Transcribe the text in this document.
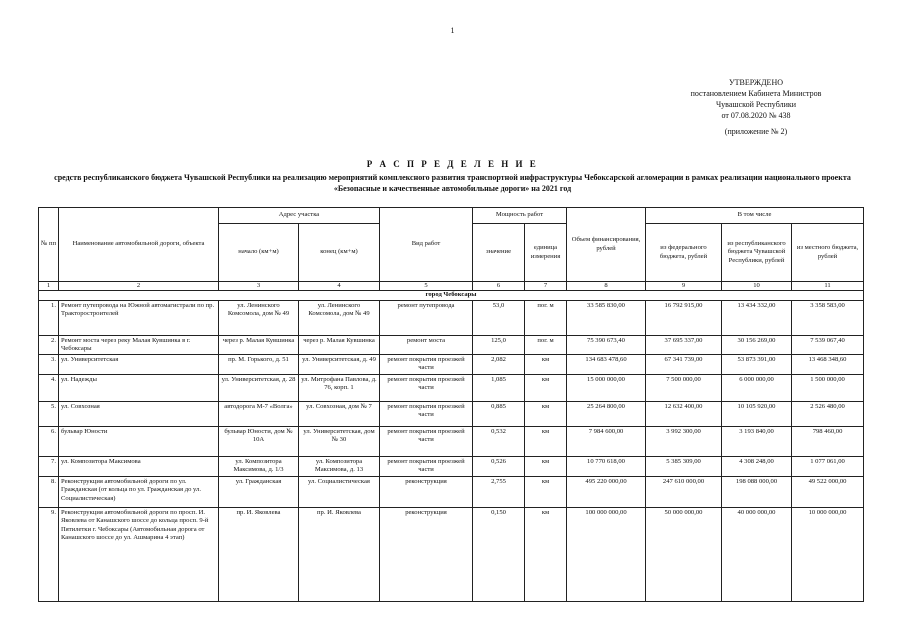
1
УТВЕРЖДЕНО
постановлением Кабинета Министров
Чувашской Республики
от 07.08.2020 № 438
(приложение № 2)
Р А С П Р Е Д Е Л Е Н И Е
средств республиканского бюджета Чувашской Республики на реализацию мероприятий комплексного развития транспортной инфраструктуры Чебоксарской агломерации в рамках реализации национального проекта «Безопасные и качественные автомобильные дороги» на 2021 год
№ пп	Наименование автомобильной дороги, объекта	Адрес участка		Вид работ	Мощность работ		Объем финансирования, рублей	В том числе		
		начало (км+м)	конец (км+м)		значение	единица измерения		из федерального бюджета, рублей	из республиканского бюджета Чувашской Республики, рублей	из местного бюджета, рублей
1	2	3	4	5	6	7	8	9	10	11
город Чебоксары										
1.	Ремонт путепровода на Южной автомагистрали по пр. Тракторостроителей	ул. Ленинского Комсомола, дом № 49	ул. Ленинского Комсомола, дом № 49	ремонт путепровода	53,0	пог. м	33 585 830,00	16 792 915,00	13 434 332,00	3 358 583,00
2.	Ремонт моста через реку Малая Кувшинка в г. Чебоксары	через р. Малая Кувшинка	через р. Малая Кувшинка	ремонт моста	125,0	пог. м	75 390 673,40	37 695 337,00	30 156 269,00	7 539 067,40
3.	ул. Университетская	пр. М. Горького, д. 51	ул. Университетская, д. 49	ремонт покрытия проезжей части	2,082	км	134 683 478,60	67 341 739,00	53 873 391,00	13 468 348,60
4.	ул. Надежды	ул. Университетская, д. 28	ул. Митрофана Павлова, д. 76, корп. 1	ремонт покрытия проезжей части	1,085	км	15 000 000,00	7 500 000,00	6 000 000,00	1 500 000,00
5.	ул. Совхозная	автодорога М-7 «Волга»	ул. Совхозная, дом № 7	ремонт покрытия проезжей части	0,885	км	25 264 800,00	12 632 400,00	10 105 920,00	2 526 480,00
6.	бульвар Юности	бульвар Юности, дом № 10А	ул. Университетская, дом № 30	ремонт покрытия проезжей части	0,532	км	7 984 600,00	3 992 300,00	3 193 840,00	798 460,00
7.	ул. Композитора Максимова	ул. Композитора Максимова, д. 1/3	ул. Композитора Максимова, д. 13	ремонт покрытия проезжей части	0,526	км	10 770 618,00	5 385 309,00	4 308 248,00	1 077 061,00
8.	Реконструкция автомобильной дороги по ул. Гражданская (от кольца по ул. Гражданская до ул. Социалистическая)	ул. Гражданская	ул. Социалистическая	реконструкция	2,755	км	495 220 000,00	247 610 000,00	198 088 000,00	49 522 000,00
9.	Реконструкция автомобильной дороги по просп. И. Яковлева от Канашского шоссе до кольца просп. 9-й Пятилетки г. Чебоксары (Автомобильная дорога от Канашского шоссе до ул. Ашмарина 4 этап)	пр. И. Яковлева	пр. И. Яковлева	реконструкция	0,150	км	100 000 000,00	50 000 000,00	40 000 000,00	10 000 000,00
